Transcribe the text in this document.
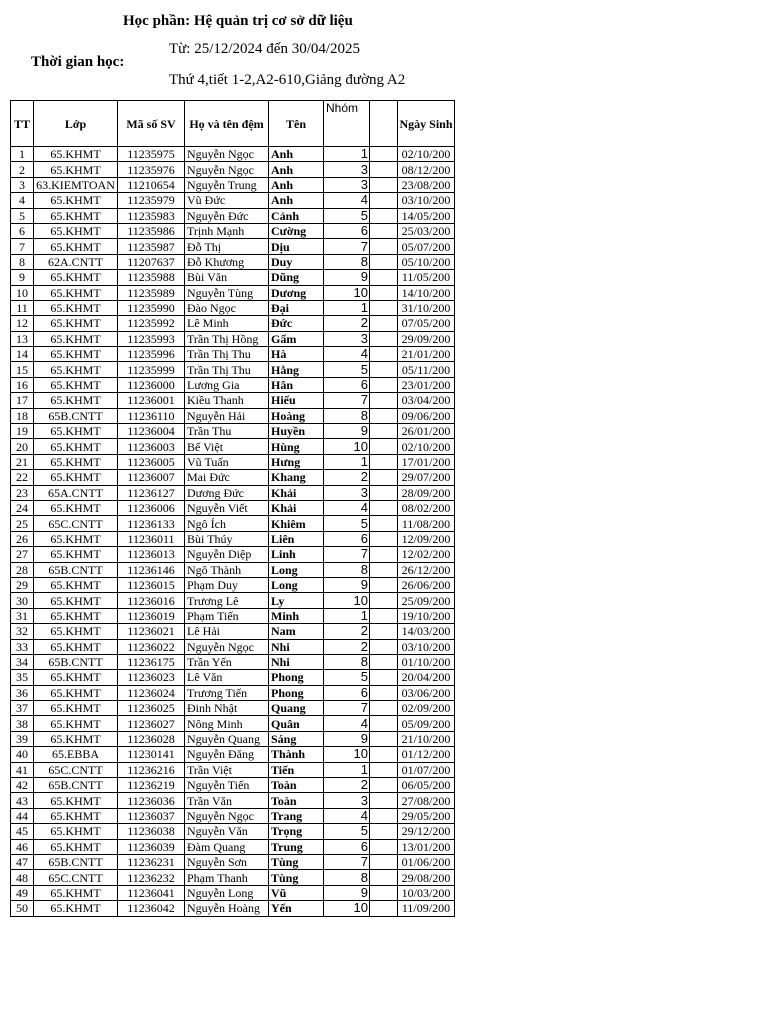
Học phần: Hệ quản trị cơ sở dữ liệu
Từ: 25/12/2024 đến 30/04/2025
Thời gian học:
Thứ 4,tiết 1-2,A2-610,Giảng đường A2
TT	Lớp	Mã số SV	Họ và tên đệm	Tên	Nhóm		Ngày Sinh
1	65.KHMT	11235975	Nguyễn Ngọc	Anh	1		02/10/200
2	65.KHMT	11235976	Nguyễn Ngọc	Anh	3		08/12/200
3	63.KIEMTOAN	11210654	Nguyễn Trung	Anh	3		23/08/200
4	65.KHMT	11235979	Vũ Đức	Anh	4		03/10/200
5	65.KHMT	11235983	Nguyễn Đức	Cảnh	5		14/05/200
6	65.KHMT	11235986	Trịnh Mạnh	Cường	6		25/03/200
7	65.KHMT	11235987	Đỗ Thị	Dịu	7		05/07/200
8	62A.CNTT	11207637	Đỗ Khương	Duy	8		05/10/200
9	65.KHMT	11235988	Bùi Văn	Dũng	9		11/05/200
10	65.KHMT	11235989	Nguyễn Tùng	Dương	10		14/10/200
11	65.KHMT	11235990	Đào Ngọc	Đại	1		31/10/200
12	65.KHMT	11235992	Lê Minh	Đức	2		07/05/200
13	65.KHMT	11235993	Trần Thị Hồng	Gấm	3		29/09/200
14	65.KHMT	11235996	Trần Thị Thu	Hà	4		21/01/200
15	65.KHMT	11235999	Trần Thị Thu	Hằng	5		05/11/200
16	65.KHMT	11236000	Lương Gia	Hân	6		23/01/200
17	65.KHMT	11236001	Kiều Thanh	Hiếu	7		03/04/200
18	65B.CNTT	11236110	Nguyễn Hải	Hoàng	8		09/06/200
19	65.KHMT	11236004	Trần Thu	Huyền	9		26/01/200
20	65.KHMT	11236003	Bế Việt	Hùng	10		02/10/200
21	65.KHMT	11236005	Vũ Tuấn	Hưng	1		17/01/200
22	65.KHMT	11236007	Mai Đức	Khang	2		29/07/200
23	65A.CNTT	11236127	Dương Đức	Khải	3		28/09/200
24	65.KHMT	11236006	Nguyễn Viết	Khải	4		08/02/200
25	65C.CNTT	11236133	Ngô Ích	Khiêm	5		11/08/200
26	65.KHMT	11236011	Bùi Thúy	Liên	6		12/09/200
27	65.KHMT	11236013	Nguyễn Diệp	Linh	7		12/02/200
28	65B.CNTT	11236146	Ngô Thành	Long	8		26/12/200
29	65.KHMT	11236015	Phạm Duy	Long	9		26/06/200
30	65.KHMT	11236016	Trương Lê	Ly	10		25/09/200
31	65.KHMT	11236019	Phạm Tiến	Minh	1		19/10/200
32	65.KHMT	11236021	Lê Hải	Nam	2		14/03/200
33	65.KHMT	11236022	Nguyễn Ngọc	Nhi	2		03/10/200
34	65B.CNTT	11236175	Trần Yến	Nhi	8		01/10/200
35	65.KHMT	11236023	Lê Văn	Phong	5		20/04/200
36	65.KHMT	11236024	Trương Tiến	Phong	6		03/06/200
37	65.KHMT	11236025	Đinh Nhật	Quang	7		02/09/200
38	65.KHMT	11236027	Nông Minh	Quân	4		05/09/200
39	65.KHMT	11236028	Nguyễn Quang	Sáng	9		21/10/200
40	65.EBBA	11230141	Nguyễn Đăng	Thành	10		01/12/200
41	65C.CNTT	11236216	Trần Việt	Tiến	1		01/07/200
42	65B.CNTT	11236219	Nguyễn Tiến	Toàn	2		06/05/200
43	65.KHMT	11236036	Trần Văn	Toàn	3		27/08/200
44	65.KHMT	11236037	Nguyễn Ngọc	Trang	4		29/05/200
45	65.KHMT	11236038	Nguyễn Văn	Trọng	5		29/12/200
46	65.KHMT	11236039	Đàm Quang	Trung	6		13/01/200
47	65B.CNTT	11236231	Nguyễn Sơn	Tùng	7		01/06/200
48	65C.CNTT	11236232	Phạm Thanh	Tùng	8		29/08/200
49	65.KHMT	11236041	Nguyễn Long	Vũ	9		10/03/200
50	65.KHMT	11236042	Nguyễn Hoàng	Yến	10		11/09/200
